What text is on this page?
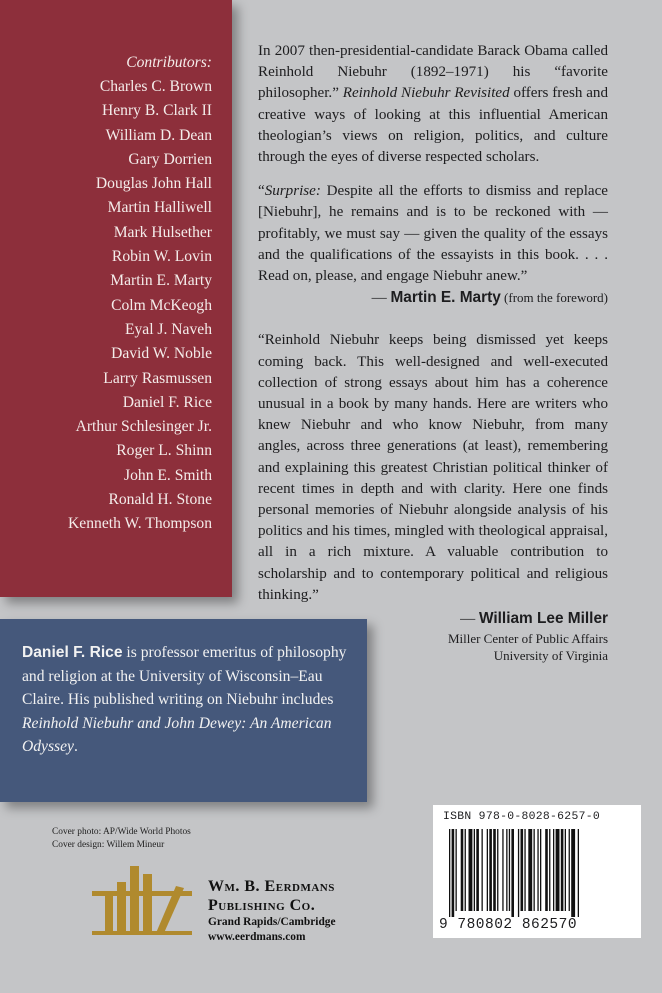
Contributors:
Charles C. Brown
Henry B. Clark II
William D. Dean
Gary Dorrien
Douglas John Hall
Martin Halliwell
Mark Hulsether
Robin W. Lovin
Martin E. Marty
Colm McKeogh
Eyal J. Naveh
David W. Noble
Larry Rasmussen
Daniel F. Rice
Arthur Schlesinger Jr.
Roger L. Shinn
John E. Smith
Ronald H. Stone
Kenneth W. Thompson

In 2007 then-presidential-candidate Barack Obama called Reinhold Niebuhr (1892–1971) his “favorite philosopher.” Reinhold Niebuhr Revisited offers fresh and creative ways of looking at this influential American theologian’s views on religion, politics, and culture through the eyes of diverse respected scholars.

“Surprise: Despite all the efforts to dismiss and replace [Niebuhr], he remains and is to be reckoned with — profitably, we must say — given the quality of the essays and the qualifications of the essayists in this book. . . . Read on, please, and engage Niebuhr anew.”

— Martin E. Marty (from the foreword)

“Reinhold Niebuhr keeps being dismissed yet keeps coming back. This well-designed and well-executed collection of strong essays about him has a coherence unusual in a book by many hands. Here are writers who knew Niebuhr and who know Niebuhr, from many angles, across three generations (at least), remembering and explaining this greatest Christian political thinker of recent times in depth and with clarity. Here one finds personal memories of Niebuhr alongside analysis of his politics and his times, mingled with theological appraisal, all in a rich mixture. A valuable contribution to scholarship and to contemporary political and religious thinking.”

— William Lee Miller

Miller Center of Public Affairs
University of Virginia

Daniel F. Rice is professor emeritus of philosophy and religion at the University of Wisconsin–Eau Claire. His published writing on Niebuhr includes Reinhold Niebuhr and John Dewey: An American Odyssey.

Cover photo: AP/Wide World Photos
Cover design: Willem Mineur
Wm. B. Eerdmans
Publishing Co.
Grand Rapids/Cambridge
www.eerdmans.com
ISBN 978-0-8028-6257-0
9 780802 862570
